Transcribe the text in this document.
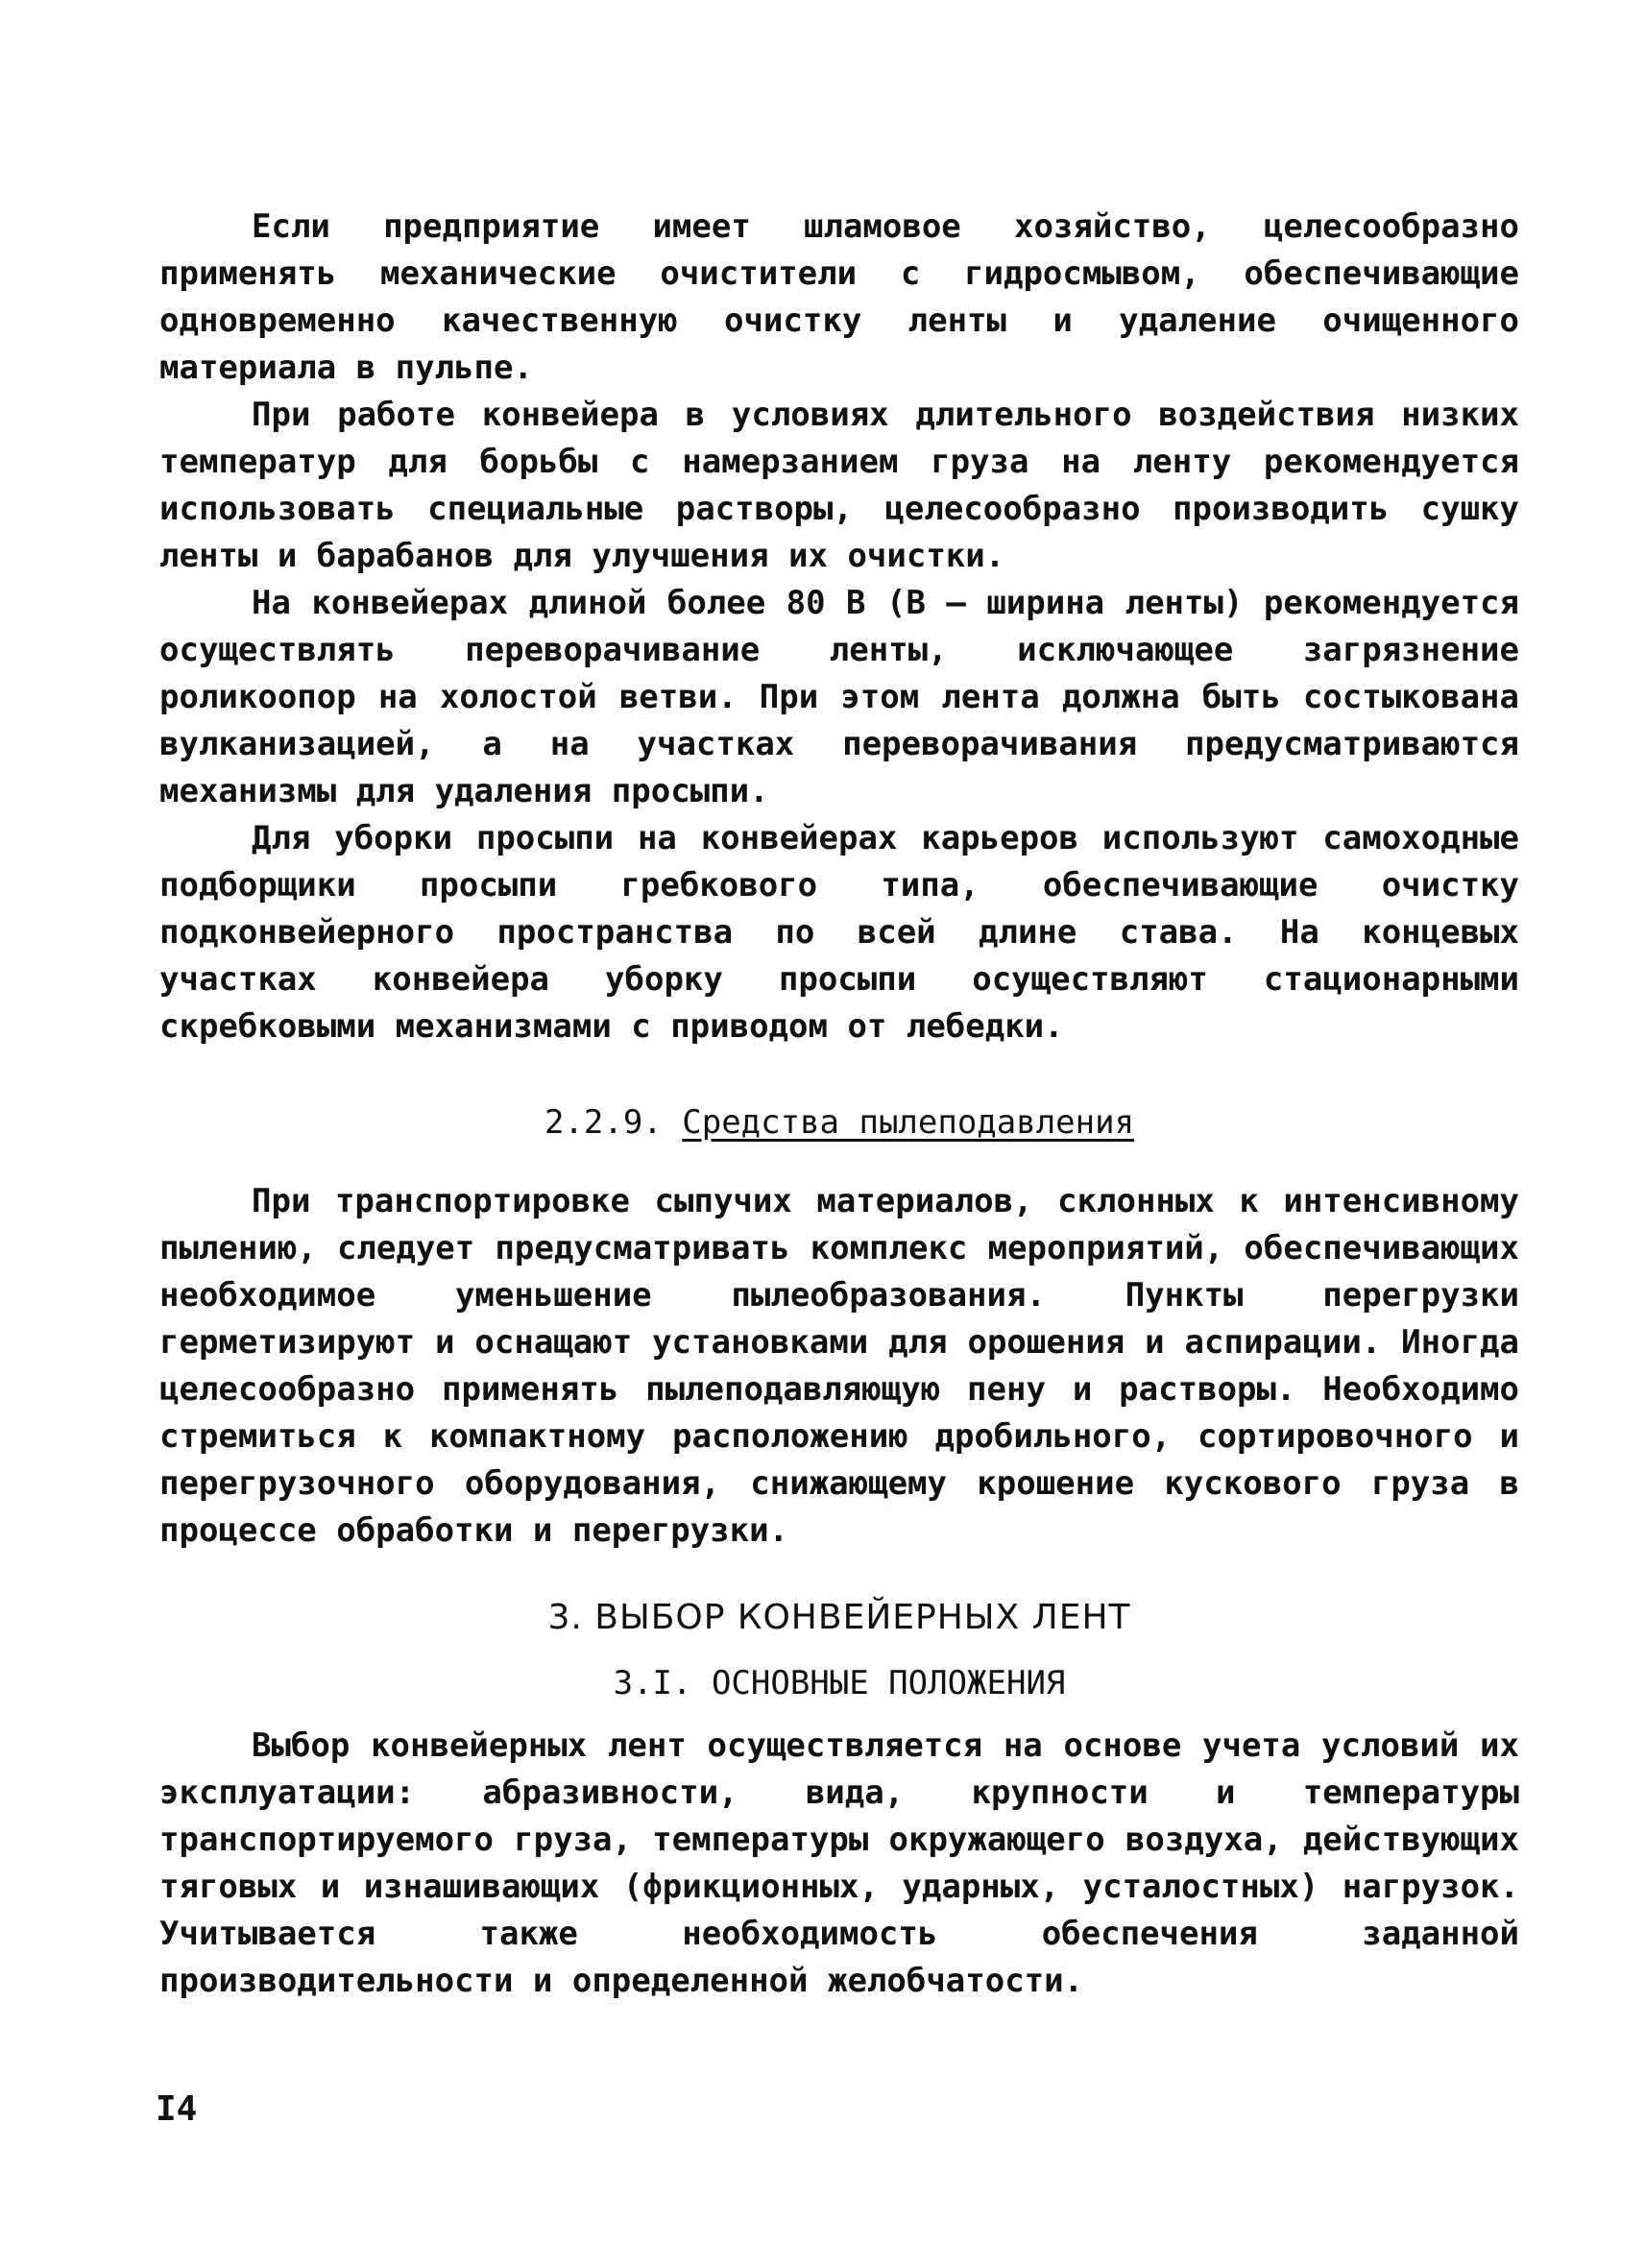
Если предприятие имеет шламовое хозяйство, целесообразно применять механические очистители с гидросмывом, обеспечивающие одновременно качественную очистку ленты и удаление очищенного материала в пульпе.

При работе конвейера в условиях длительного воздействия низких температур для борьбы с намерзанием груза на ленту рекомендуется использовать специальные растворы, целесообразно производить сушку ленты и барабанов для улучшения их очистки.

На конвейерах длиной более 80 В (В – ширина ленты) рекомендуется осуществлять переворачивание ленты, исключающее загрязнение роликоопор на холостой ветви. При этом лента должна быть состыкована вулканизацией, а на участках переворачивания предусматриваются механизмы для удаления просыпи.

Для уборки просыпи на конвейерах карьеров используют самоходные подборщики просыпи гребкового типа, обеспечивающие очистку подконвейерного пространства по всей длине става. На концевых участках конвейера уборку просыпи осуществляют стационарными скребковыми механизмами с приводом от лебедки.

2.2.9. Средства пылеподавления

При транспортировке сыпучих материалов, склонных к интенсивному пылению, следует предусматривать комплекс мероприятий, обеспечивающих необходимое уменьшение пылеобразования. Пункты перегрузки герметизируют и оснащают установками для орошения и аспирации. Иногда целесообразно применять пылеподавляющую пену и растворы. Необходимо стремиться к компактному расположению дробильного, сортировочного и перегрузочного оборудования, снижающему крошение кускового груза в процессе обработки и перегрузки.

3. ВЫБОР КОНВЕЙЕРНЫХ ЛЕНТ
3.I. ОСНОВНЫЕ ПОЛОЖЕНИЯ

Выбор конвейерных лент осуществляется на основе учета условий их эксплуатации: абразивности, вида, крупности и температуры транспортируемого груза, температуры окружающего воздуха, действующих тяговых и изнашивающих (фрикционных, ударных, усталостных) нагрузок. Учитывается также необходимость обеспечения заданной производительности и определенной желобчатости.

I4
